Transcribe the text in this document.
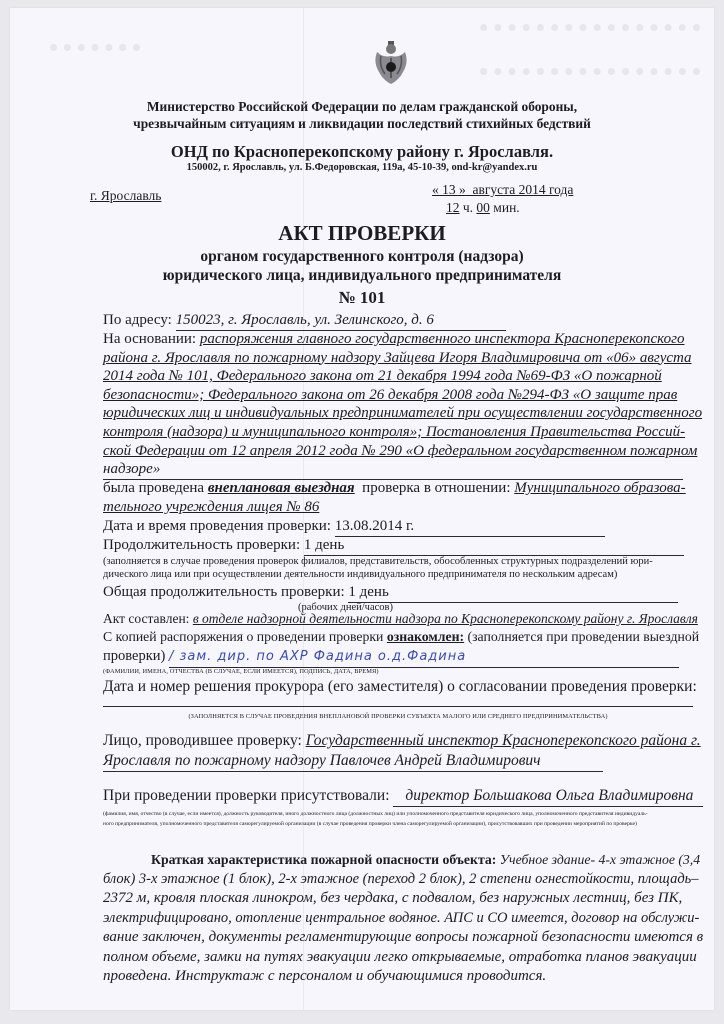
Министерство Российской Федерации по делам гражданской обороны,
чрезвычайным ситуациям и ликвидации последствий стихийных бедствий
ОНД по Красноперекопскому району г. Ярославля.
150002, г. Ярославль, ул. Б.Федоровская, 119а, 45-10-39, ond-kr@yandex.ru
г. Ярославль	« 13 » августа 2014 года
12 ч. 00 мин.
АКТ ПРОВЕРКИ
органом государственного контроля (надзора)
юридического лица, индивидуального предпринимателя
№ 101
По адресу: 150023, г. Ярославль, ул. Зелинского, д. 6
На основании: распоряжения главного государственного инспектора Красноперекопского
района г. Ярославля по пожарному надзору Зайцева Игоря Владимировича от «06» августа
2014 года № 101, Федерального закона от 21 декабря 1994 года №69-ФЗ «О пожарной
безопасности»; Федерального закона от 26 декабря 2008 года №294-ФЗ «О защите прав
юридических лиц и индивидуальных предпринимателей при осуществлении государственного
контроля (надзора) и муниципального контроля»; Постановления Правительства Россий-
ской Федерации от 12 апреля 2012 года № 290 «О федеральном государственном пожарном
надзоре»
была проведена внеплановая выездная проверка в отношении: Муниципального образова-
тельного учреждения лицея № 86
Дата и время проведения проверки: 13.08.2014 г.
Продолжительность проверки: 1 день
(заполняется в случае проведения проверок филиалов, представительств, обособленных структурных подразделений юри-
дического лица или при осуществлении деятельности индивидуального предпринимателя по нескольким адресам)
Общая продолжительность проверки: 1 день
(рабочих дней/часов)
Акт составлен: в отделе надзорной деятельности надзора по Красноперекопскому району г. Ярославля
С копией распоряжения о проведении проверки ознакомлен: (заполняется при проведении выездной
проверки) / зам. дир. по АХР Фадина о.д.Фадина
(ФАМИЛИИ, ИМЕНА, ОТЧЕСТВА (В СЛУЧАЕ, ЕСЛИ ИМЕЕТСЯ), ПОДПИСЬ, ДАТА, ВРЕМЯ)
Дата и номер решения прокурора (его заместителя) о согласовании проведения проверки:
(ЗАПОЛНЯЕТСЯ В СЛУЧАЕ ПРОВЕДЕНИЯ ВНЕПЛАНОВОЙ ПРОВЕРКИ СУБЪЕКТА МАЛОГО ИЛИ СРЕДНЕГО ПРЕДПРИНИМАТЕЛЬСТВА)
Лицо, проводившее проверку: Государственный инспектор Красноперекопского района г.
Ярославля по пожарному надзору Павлочев Андрей Владимирович
При проведении проверки присутствовали: директор Большакова Ольга Владимировна
(фамилия, имя, отчество (в случае, если имеется), должность руководителя, иного должностного лица (должностных лиц) или уполномоченного представителя юридического лица, уполномоченного представителя индивидуаль-
ного предпринимателя, уполномоченного представителя саморегулируемой организации (в случае проведения проверки члена саморегулируемой организации), присутствовавших при проведении мероприятий по проверке)
Краткая характеристика пожарной опасности объекта: Учебное здание- 4-х этажное (3,4
блок) 3-х этажное (1 блок), 2-х этажное (переход 2 блок), 2 степени огнестойкости, площадь–
2372 м, кровля плоская линокром, без чердака, с подвалом, без наружных лестниц, без ПК,
электрифицировано, отопление центральное водяное. АПС и СО имеется, договор на обслужи-
вание заключен, документы регламентирующие вопросы пожарной безопасности имеются в
полном объеме, замки на путях эвакуации легко открываемые, отработка планов эвакуации
проведена. Инструктаж с персоналом и обучающимися проводится.
